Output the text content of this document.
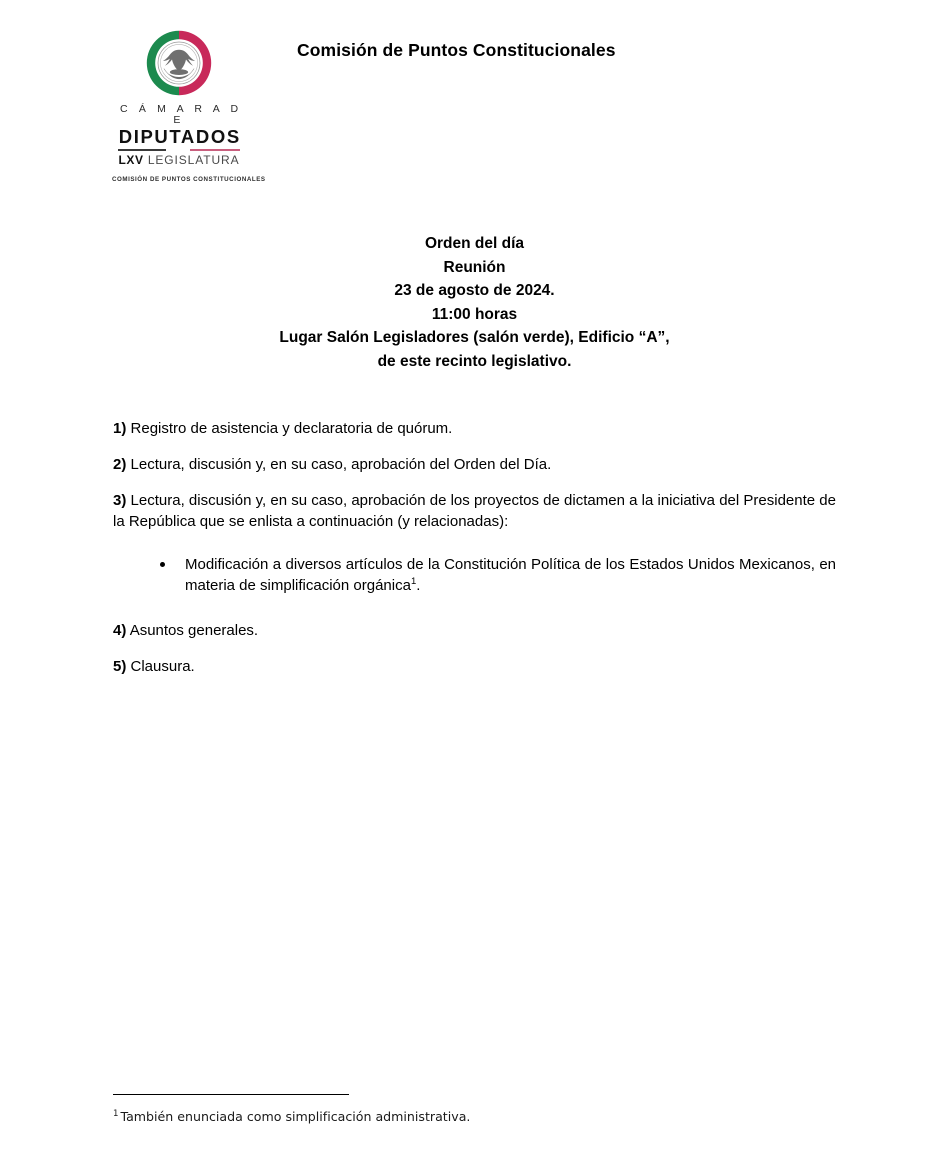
C Á M A R A D E
DIPUTADOS
LXV LEGISLATURA
COMISIÓN DE PUNTOS CONSTITUCIONALES
Comisión de Puntos Constitucionales
Orden del día
Reunión
23 de agosto de 2024.
11:00 horas
Lugar Salón Legisladores (salón verde), Edificio “A”,
de este recinto legislativo.

1) Registro de asistencia y declaratoria de quórum.

2) Lectura, discusión y, en su caso, aprobación del Orden del Día.

3) Lectura, discusión y, en su caso, aprobación de los proyectos de dictamen a la iniciativa del Presidente de la República que se enlista a continuación (y relacionadas):

Modificación a diversos artículos de la Constitución Política de los Estados Unidos Mexicanos, en materia de simplificación orgánica$^1$.

4) Asuntos generales.

5) Clausura.

$^1$ También enunciada como simplificación administrativa.
